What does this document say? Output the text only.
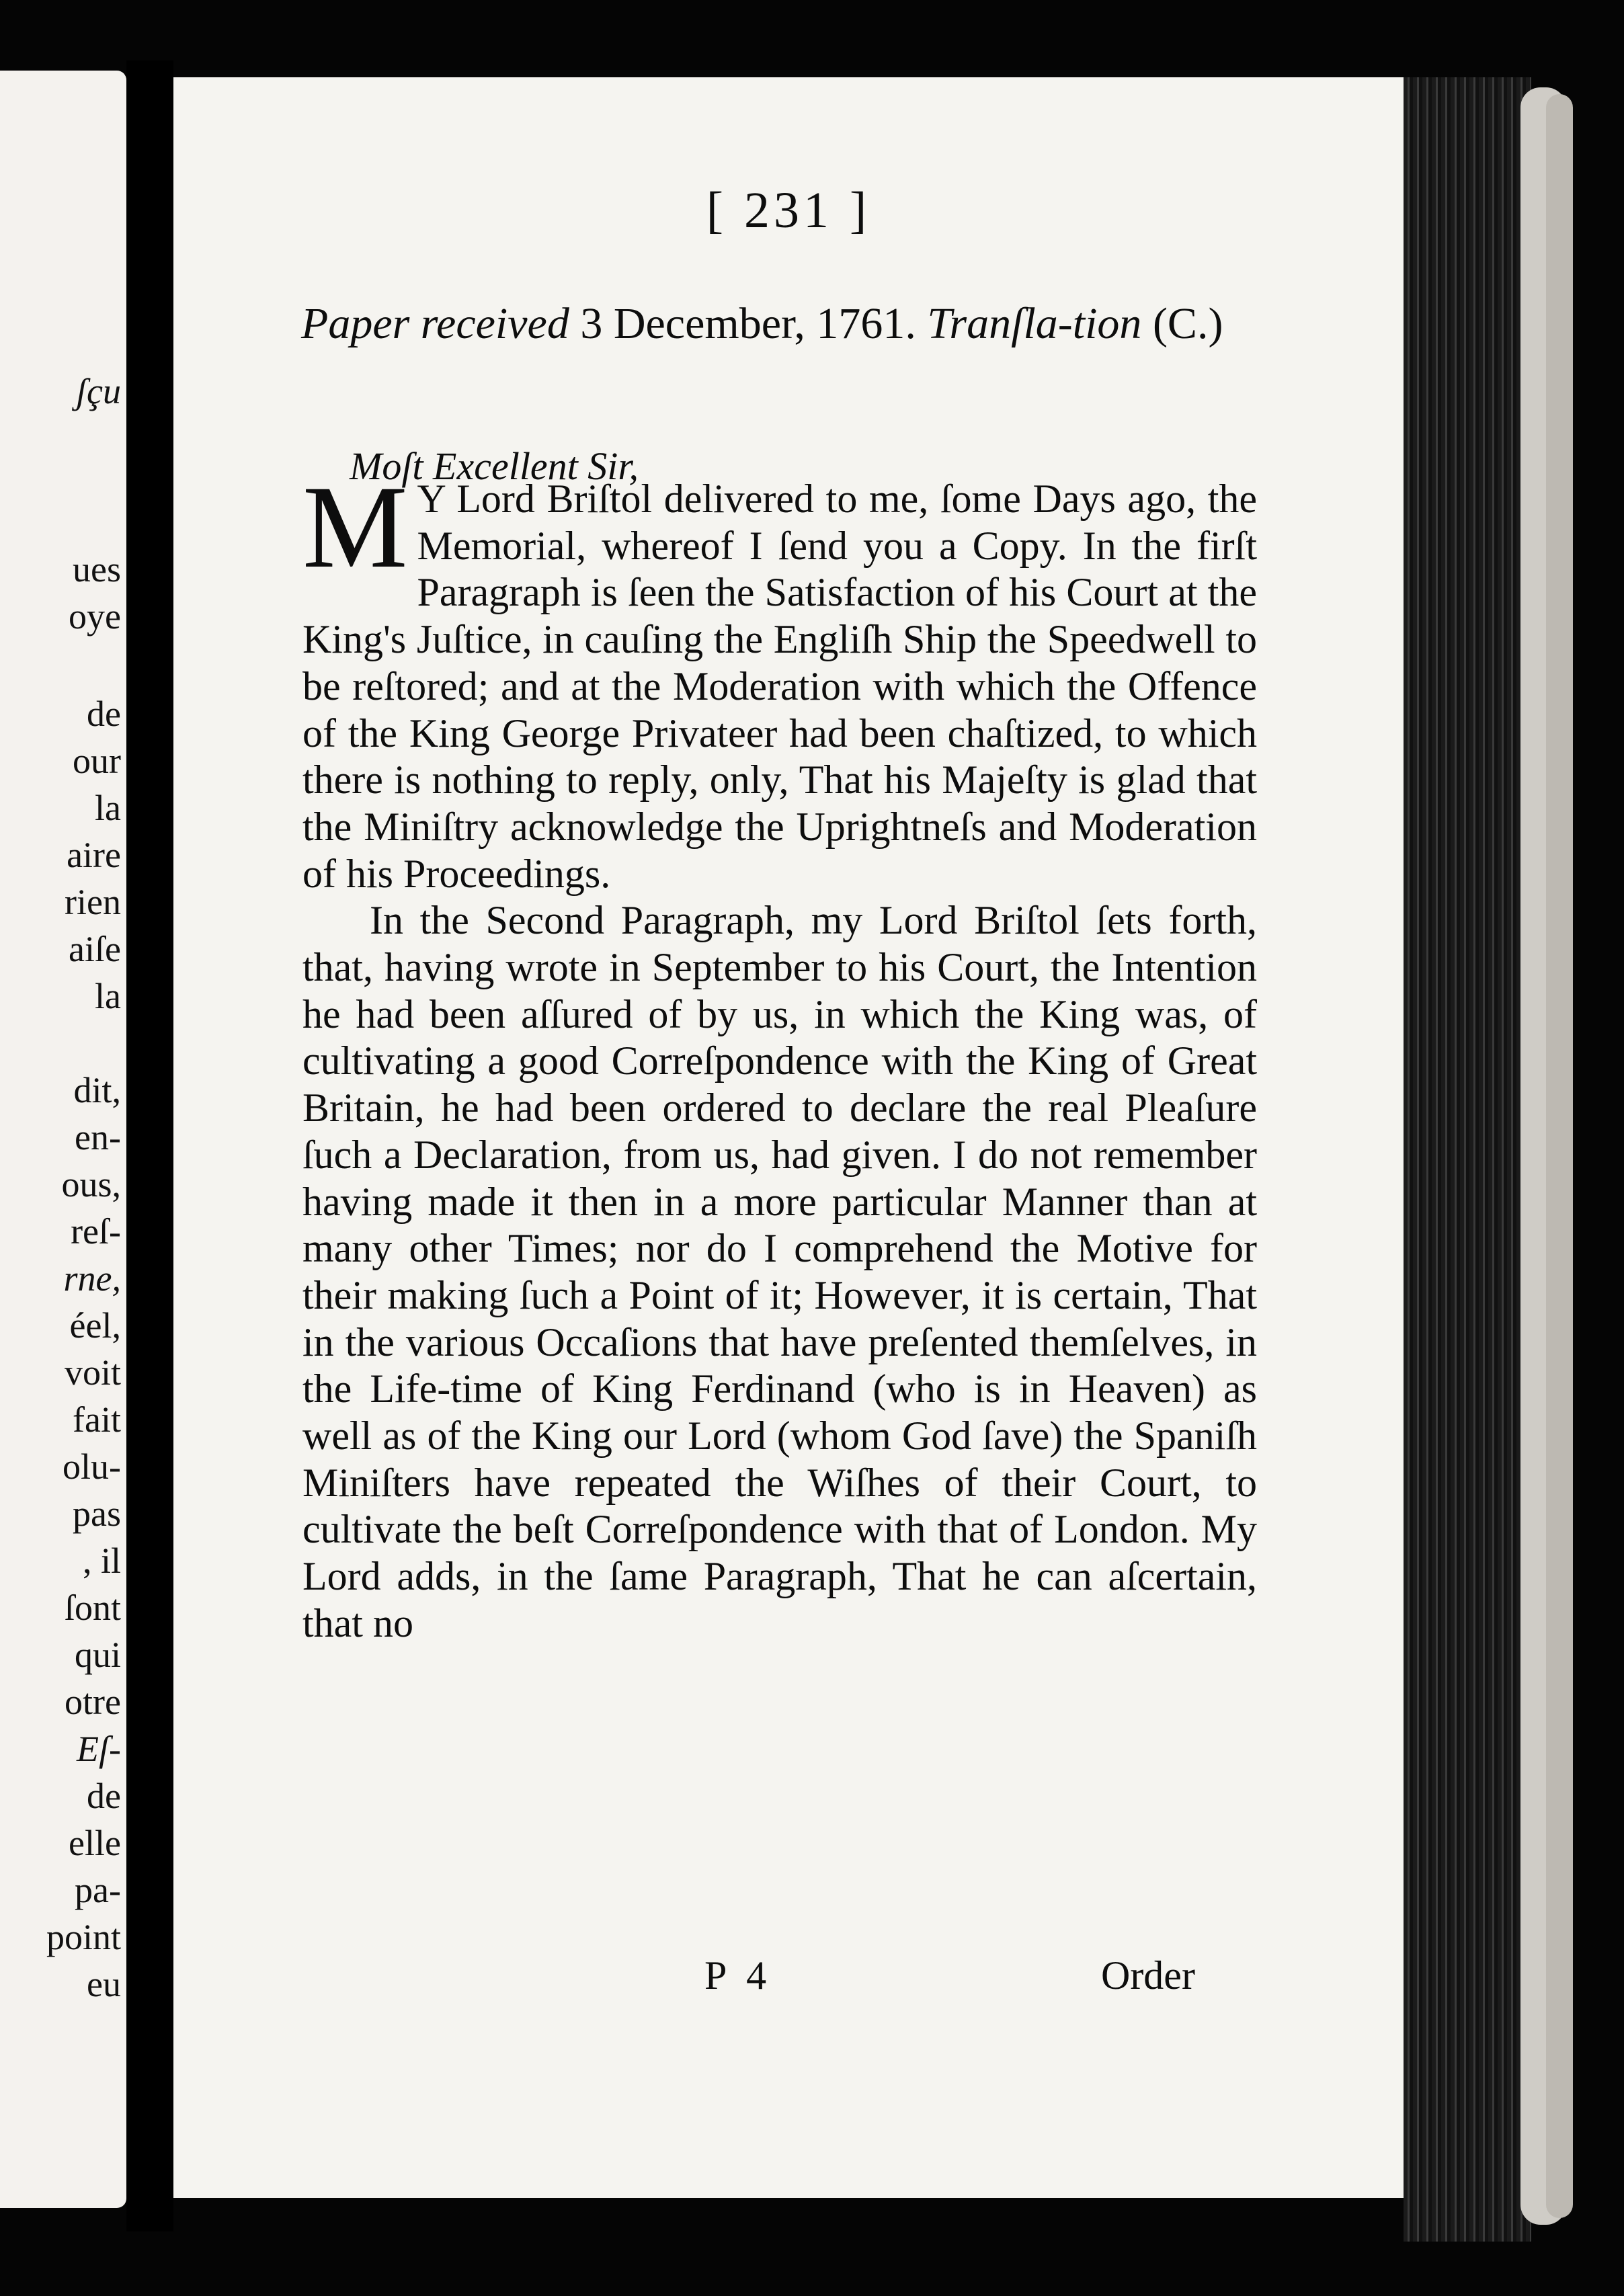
ʃçu
ues
oye
de
our
la
aire
rien
aiſe
la
dit,
en-
ous,
reſ-
rne,
éel,
voit
fait
olu-
pas
, il
ſont
qui
otre
Eſ-
de
elle
pa-
point
eu
[ 231 ]
Paper received 3 December, 1761. Tranſla-tion (C.)
Moſt Excellent Sir,

M Y Lord Briſtol delivered to me, ſome Days ago, the Memorial, whereof I ſend you a Copy. In the firſt Paragraph is ſeen the Satisfaction of his Court at the King's Juſtice, in cauſing the Engliſh Ship the Speedwell to be reſtored; and at the Moderation with which the Offence of the King George Privateer had been chaſtized, to which there is nothing to reply, only, That his Majeſty is glad that the Miniſtry acknowledge the Uprightneſs and Moderation of his Proceedings.

In the Second Paragraph, my Lord Briſtol ſets forth, that, having wrote in September to his Court, the Intention he had been aſſured of by us, in which the King was, of cultivating a good Correſpondence with the King of Great Britain, he had been ordered to declare the real Pleaſure ſuch a Declaration, from us, had given. I do not remember having made it then in a more particular Manner than at many other Times; nor do I comprehend the Motive for their making ſuch a Point of it; However, it is certain, That in the various Occaſions that have preſented themſelves, in the Life-time of King Ferdinand (who is in Heaven) as well as of the King our Lord (whom God ſave) the Spaniſh Miniſters have repeated the Wiſhes of their Court, to cultivate the beſt Correſpondence with that of London. My Lord adds, in the ſame Paragraph, That he can aſcertain, that no

P 4	Order
